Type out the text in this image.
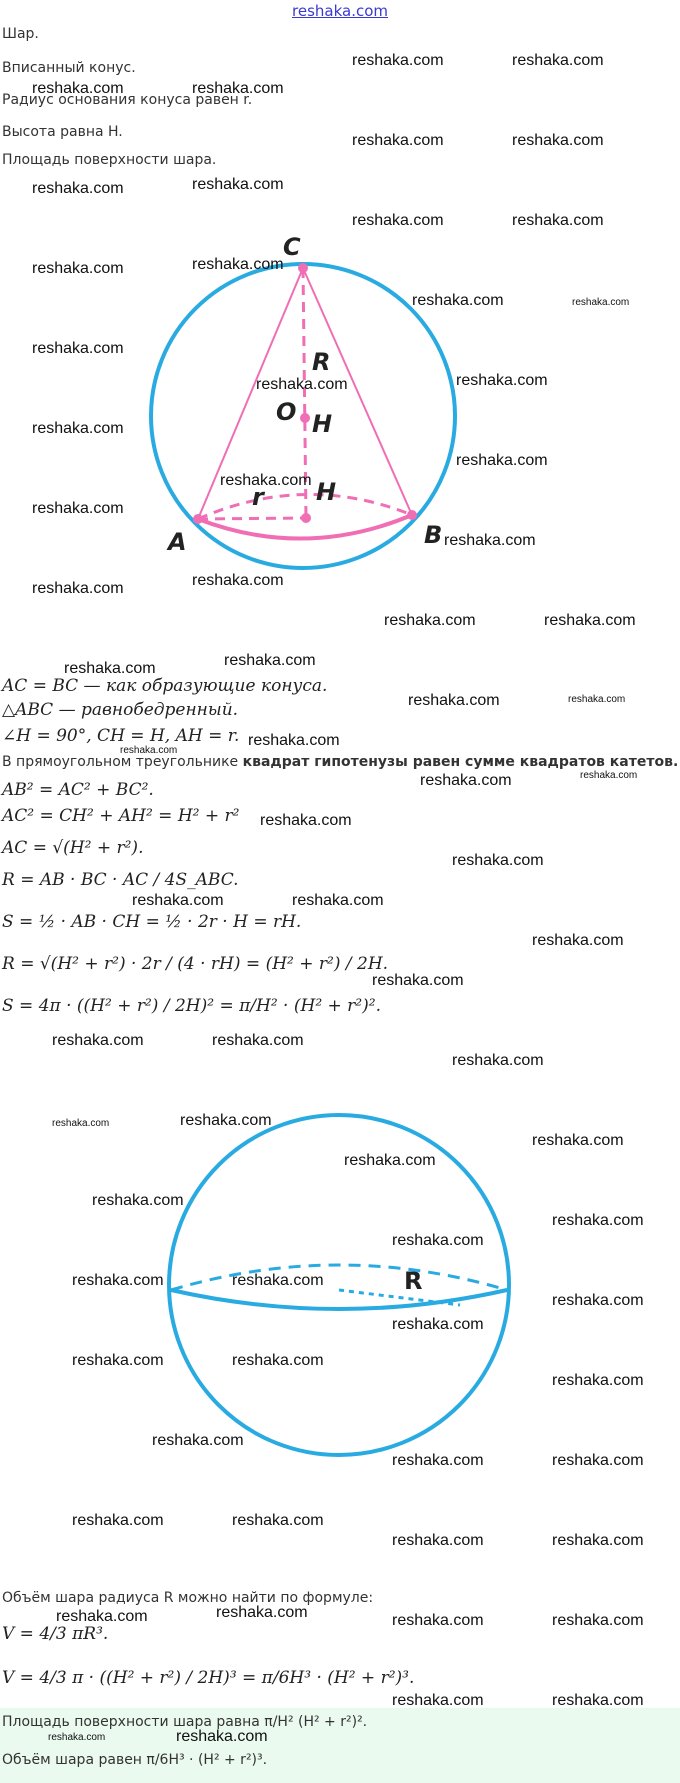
reshaka.com
Шар.
Вписанный конус.
Радиус основания конуса равен r.
Высота равна H.
Площадь поверхности шара.
C
R
O H
r H
A	B
AC = BC — как образующие конуса.
△ABC — равнобедренный.
∠H = 90°, CH = H, AH = r.
В прямоугольном треугольнике квадрат гипотенузы равен сумме квадратов катетов.
AB² = AC² + BC².
AC² = CH² + AH² = H² + r²
AC = √(H² + r²).
R = AB · BC · AC / 4S_ABC.
S = ½ · AB · CH = ½ · 2r · H = rH.
R = √(H² + r²) · 2r / (4 · rH) = (H² + r²) / 2H.
S = 4π · ((H² + r²) / 2H)² = π/H² · (H² + r²)².
R
Объём шара радиуса R можно найти по формуле:
V = 4/3 πR³.
V = 4/3 π · ((H² + r²) / 2H)³ = π/6H³ · (H² + r²)³.
Площадь поверхности шара равна π/H² (H² + r²)².
Объём шара равен π/6H³ · (H² + r²)³.
reshaka.com	reshaka.com
reshaka.com	reshaka.com
reshaka.com	reshaka.com
reshaka.com	reshaka.com
reshaka.com	reshaka.com
reshaka.com	reshaka.com
reshaka.com	reshaka.com
reshaka.com
reshaka.com	reshaka.com
reshaka.com
reshaka.com
reshaka.com
reshaka.com
reshaka.com
reshaka.com	reshaka.com
reshaka.com	reshaka.com
reshaka.com	reshaka.com
reshaka.com	reshaka.com
reshaka.com
reshaka.com
reshaka.com
reshaka.com
reshaka.com
reshaka.com
reshaka.com	reshaka.com
reshaka.com
reshaka.com
reshaka.com	reshaka.com
reshaka.com
reshaka.com	reshaka.com
reshaka.com
reshaka.com
reshaka.com
reshaka.com
reshaka.com
reshaka.com	reshaka.com
reshaka.com
reshaka.com
reshaka.com	reshaka.com
reshaka.com
reshaka.com
reshaka.com	reshaka.com
reshaka.com	reshaka.com
reshaka.com	reshaka.com
reshaka.com	reshaka.com	reshaka.com	reshaka.com
reshaka.com	reshaka.com
reshaka.com	reshaka.com
